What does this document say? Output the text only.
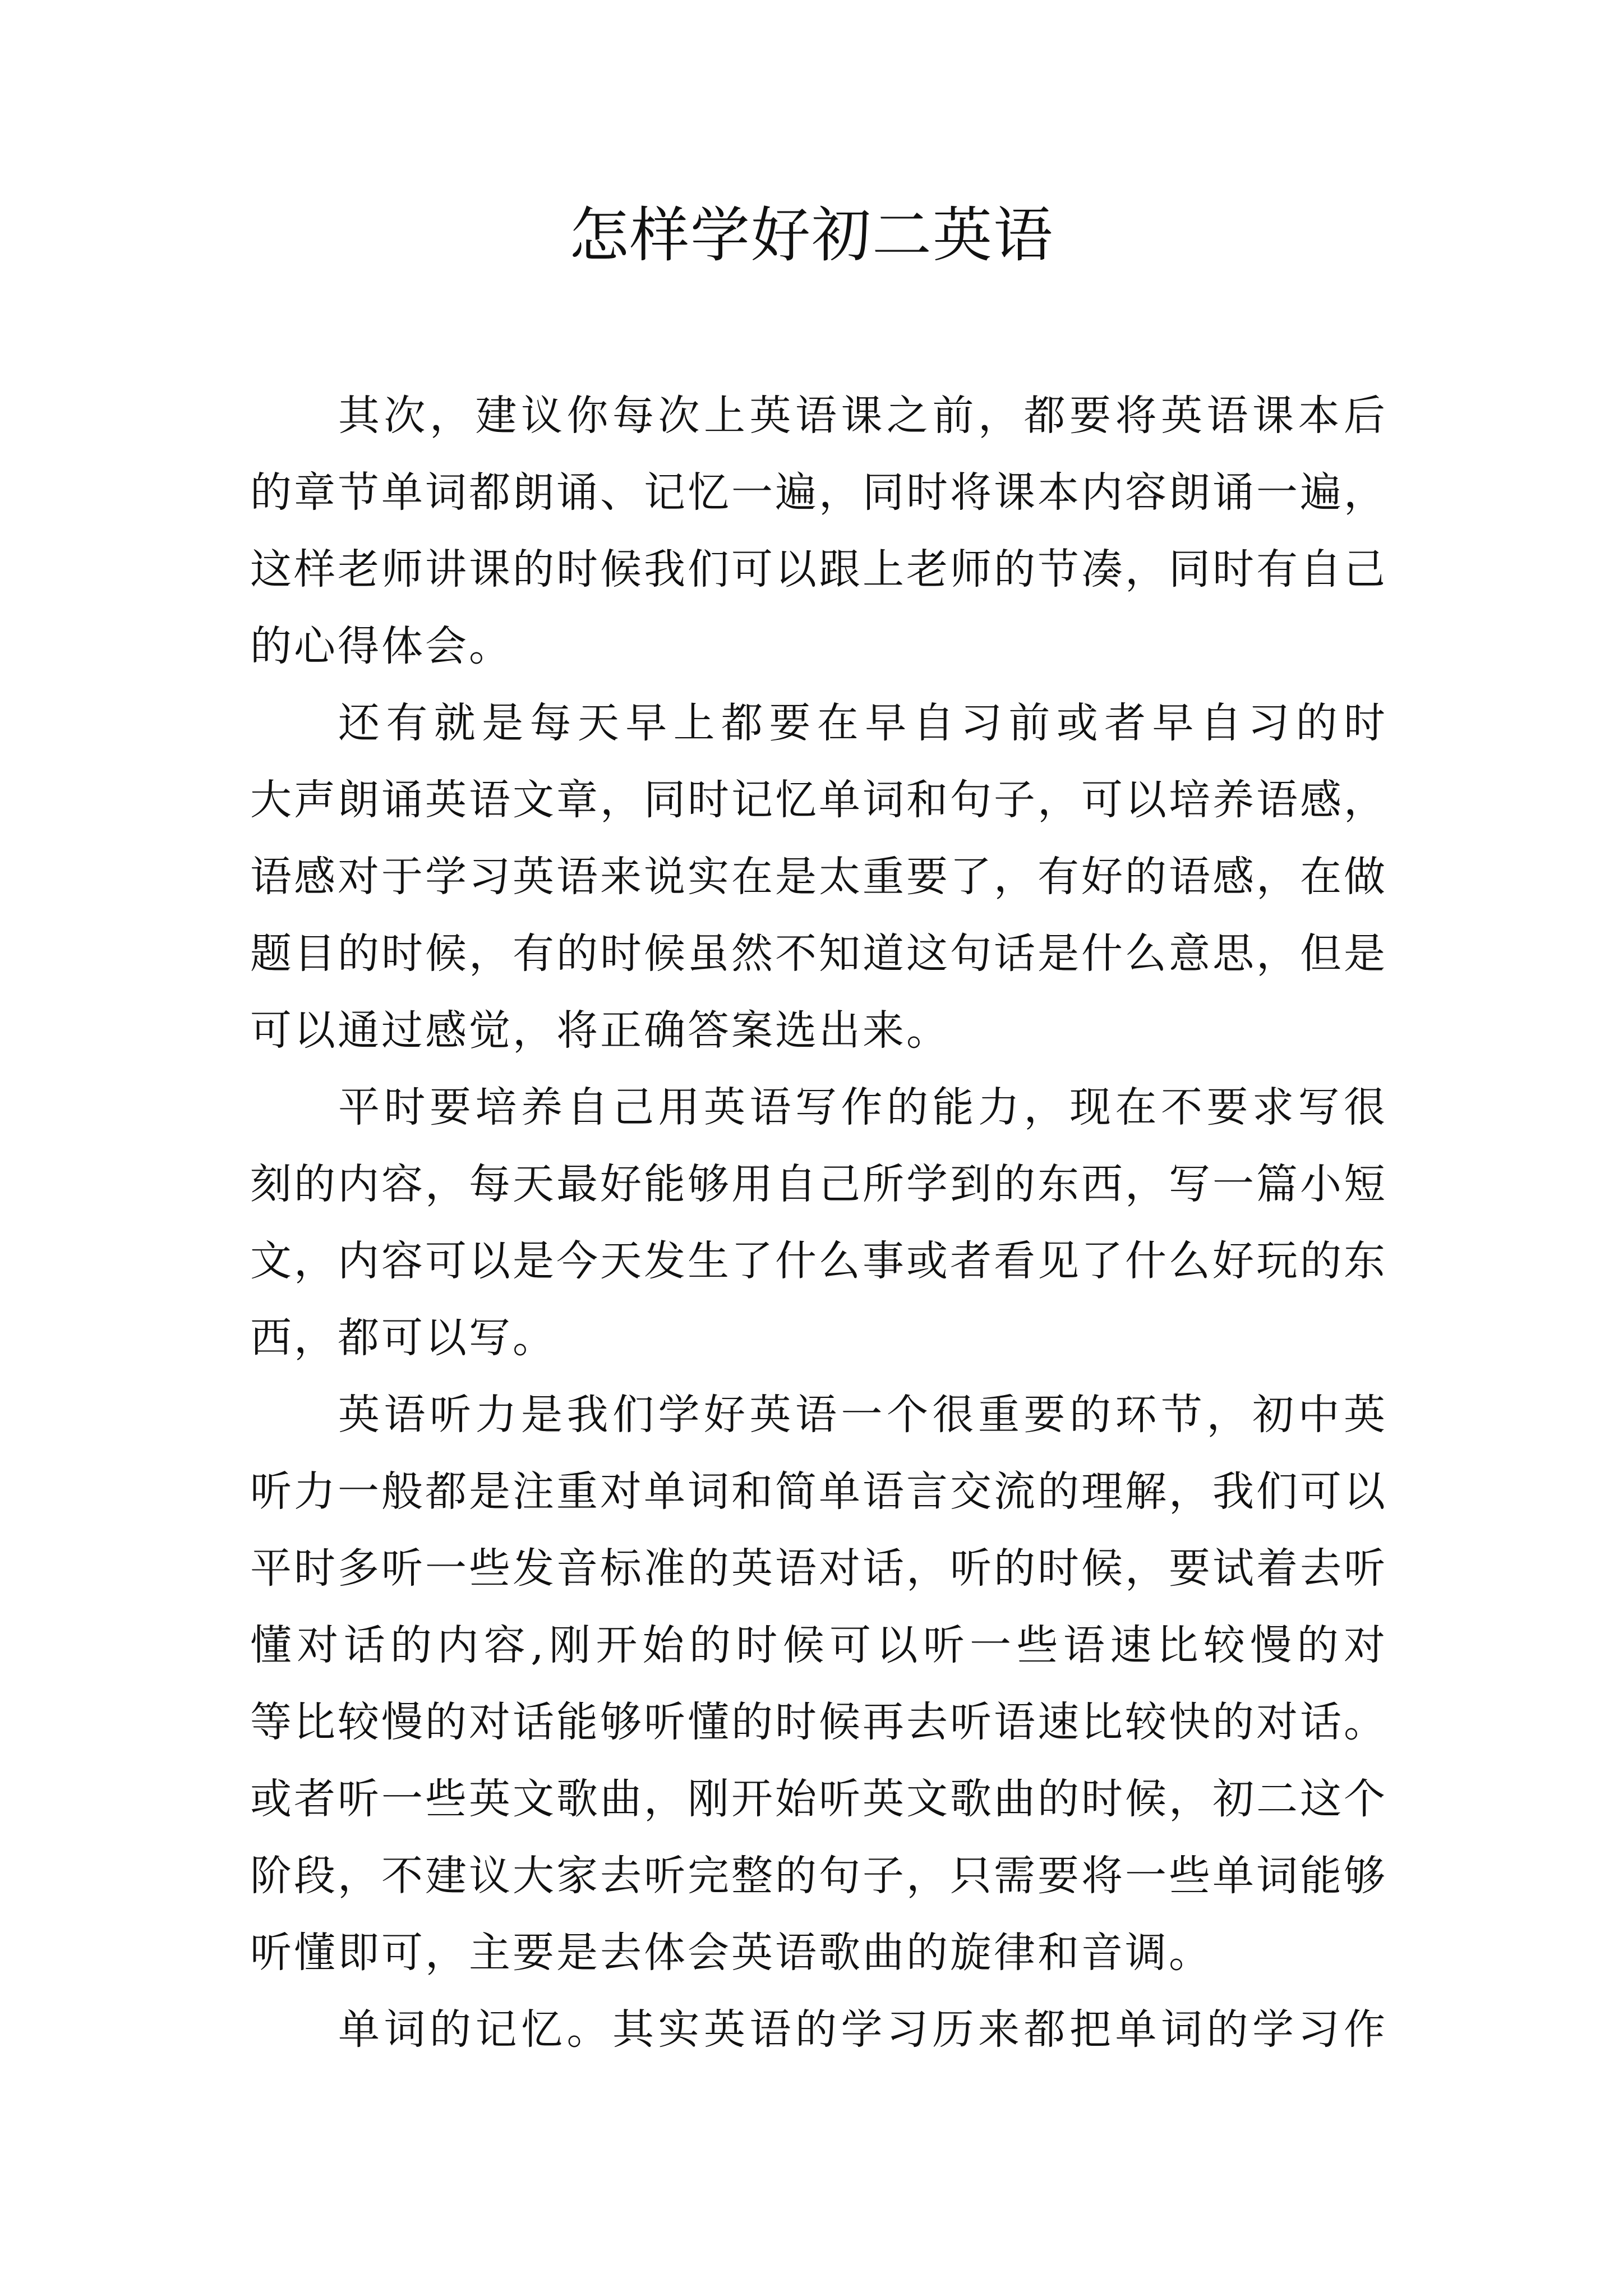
怎样学好初二英语
其次，建议你每次上英语课之前，都要将英语课本后
的章节单词都朗诵、记忆一遍，同时将课本内容朗诵一遍，
这样老师讲课的时候我们可以跟上老师的节凑，同时有自己
的心得体会。
还有就是每天早上都要在早自习前或者早自习的时
大声朗诵英语文章，同时记忆单词和句子，可以培养语感，
语感对于学习英语来说实在是太重要了，有好的语感，在做
题目的时候，有的时候虽然不知道这句话是什么意思，但是
可以通过感觉，将正确答案选出来。
平时要培养自己用英语写作的能力，现在不要求写很
刻的内容，每天最好能够用自己所学到的东西，写一篇小短
文，内容可以是今天发生了什么事或者看见了什么好玩的东
西，都可以写。
英语听力是我们学好英语一个很重要的环节，初中英
听力一般都是注重对单词和简单语言交流的理解，我们可以
平时多听一些发音标准的英语对话，听的时候，要试着去听
懂对话的内容,刚开始的时候可以听一些语速比较慢的对
等比较慢的对话能够听懂的时候再去听语速比较快的对话。
或者听一些英文歌曲，刚开始听英文歌曲的时候，初二这个
阶段，不建议大家去听完整的句子，只需要将一些单词能够
听懂即可，主要是去体会英语歌曲的旋律和音调。
单词的记忆。其实英语的学习历来都把单词的学习作
